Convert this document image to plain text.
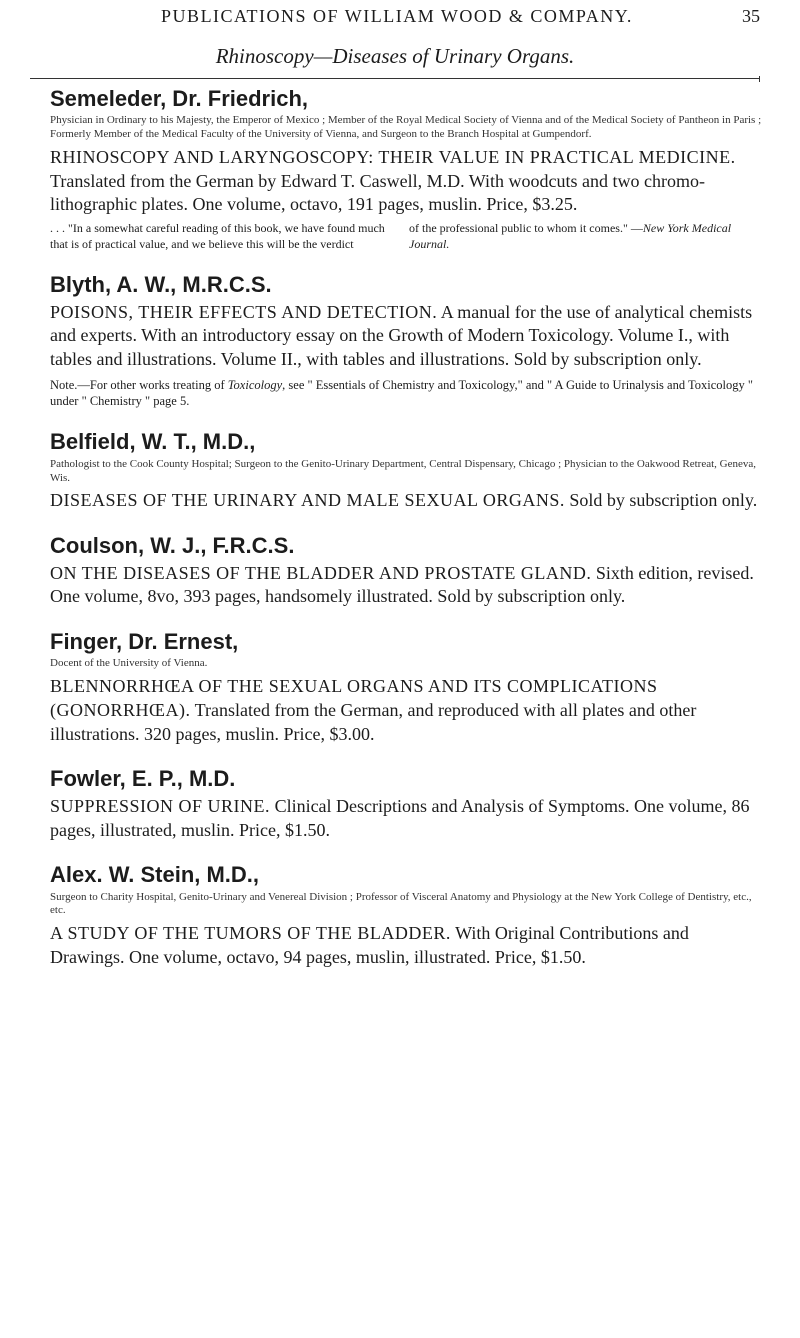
PUBLICATIONS OF WILLIAM WOOD & COMPANY.	35
Rhinoscopy—Diseases of Urinary Organs.
Semeleder, Dr. Friedrich,
Physician in Ordinary to his Majesty, the Emperor of Mexico ; Member of the Royal Medical Society of Vienna and of the Medical Society of Pantheon in Paris ; Formerly Member of the Medical Faculty of the University of Vienna, and Surgeon to the Branch Hospital at Gumpendorf.

RHINOSCOPY AND LARYNGOSCOPY: THEIR VALUE IN PRACTICAL MEDICINE. Translated from the German by Edward T. Caswell, M.D. With woodcuts and two chromo-lithographic plates. One volume, octavo, 191 pages, muslin. Price, $3.25.

. . . "In a somewhat careful reading of this book, we have found much that is of practical value, and we believe this will be the verdict
of the professional public to whom it comes." —New York Medical Journal.
Blyth, A. W., M.R.C.S.

POISONS, THEIR EFFECTS AND DETECTION. A manual for the use of analytical chemists and experts. With an introductory essay on the Growth of Modern Toxicology. Volume I., with tables and illustrations. Volume II., with tables and illustrations. Sold by subscription only.

Note.—For other works treating of Toxicology, see " Essentials of Chemistry and Toxicology," and " A Guide to Urinalysis and Toxicology " under " Chemistry " page 5.
Belfield, W. T., M.D.,
Pathologist to the Cook County Hospital; Surgeon to the Genito-Urinary Department, Central Dispensary, Chicago ; Physician to the Oakwood Retreat, Geneva, Wis.

DISEASES OF THE URINARY AND MALE SEXUAL ORGANS. Sold by subscription only.

Coulson, W. J., F.R.C.S.

ON THE DISEASES OF THE BLADDER AND PROSTATE GLAND. Sixth edition, revised. One volume, 8vo, 393 pages, handsomely illustrated. Sold by subscription only.

Finger, Dr. Ernest,
Docent of the University of Vienna.

BLENNORRHŒA OF THE SEXUAL ORGANS AND ITS COMPLICATIONS (GONORRHŒA). Translated from the German, and reproduced with all plates and other illustrations. 320 pages, muslin. Price, $3.00.

Fowler, E. P., M.D.

SUPPRESSION OF URINE. Clinical Descriptions and Analysis of Symptoms. One volume, 86 pages, illustrated, muslin. Price, $1.50.

Alex. W. Stein, M.D.,
Surgeon to Charity Hospital, Genito-Urinary and Venereal Division ; Professor of Visceral Anatomy and Physiology at the New York College of Dentistry, etc., etc.

A STUDY OF THE TUMORS OF THE BLADDER. With Original Contributions and Drawings. One volume, octavo, 94 pages, muslin, illustrated. Price, $1.50.
